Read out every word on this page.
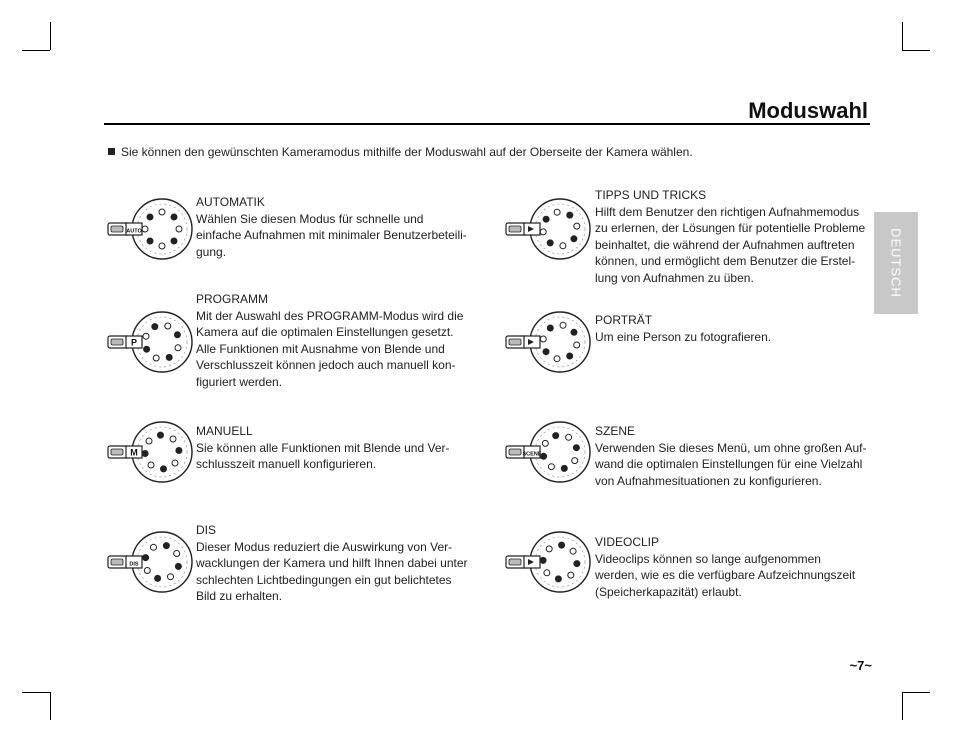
Moduswahl
Sie können den gewünschten Kameramodus mithilfe der Moduswahl auf der Oberseite der Kamera wählen.
DEUTSCH
AUTO
AUTOMATIK
Wählen Sie diesen Modus für schnelle und
einfache Aufnahmen mit minimaler Benutzerbeteili-
gung.
P
PROGRAMM
Mit der Auswahl des PROGRAMM-Modus wird die
Kamera auf die optimalen Einstellungen gesetzt.
Alle Funktionen mit Ausnahme von Blende und
Verschlusszeit können jedoch auch manuell kon-
figuriert werden.
M
MANUELL
Sie können alle Funktionen mit Blende und Ver-
schlusszeit manuell konfigurieren.
DIS
DIS
Dieser Modus reduziert die Auswirkung von Ver-
wacklungen der Kamera und hilft Ihnen dabei unter
schlechten Lichtbedingungen ein gut belichtetes
Bild zu erhalten.
TIPPS UND TRICKS
Hilft dem Benutzer den richtigen Aufnahmemodus
zu erlernen, der Lösungen für potentielle Probleme
beinhaltet, die während der Aufnahmen auftreten
können, und ermöglicht dem Benutzer die Erstel-
lung von Aufnahmen zu üben.
PORTRÄT
Um eine Person zu fotografieren.
SCENE
SZENE
Verwenden Sie dieses Menü, um ohne großen Auf-
wand die optimalen Einstellungen für eine Vielzahl
von Aufnahmesituationen zu konfigurieren.
VIDEOCLIP
Videoclips können so lange aufgenommen
werden, wie es die verfügbare Aufzeichnungszeit
(Speicherkapazität) erlaubt.
~7~
